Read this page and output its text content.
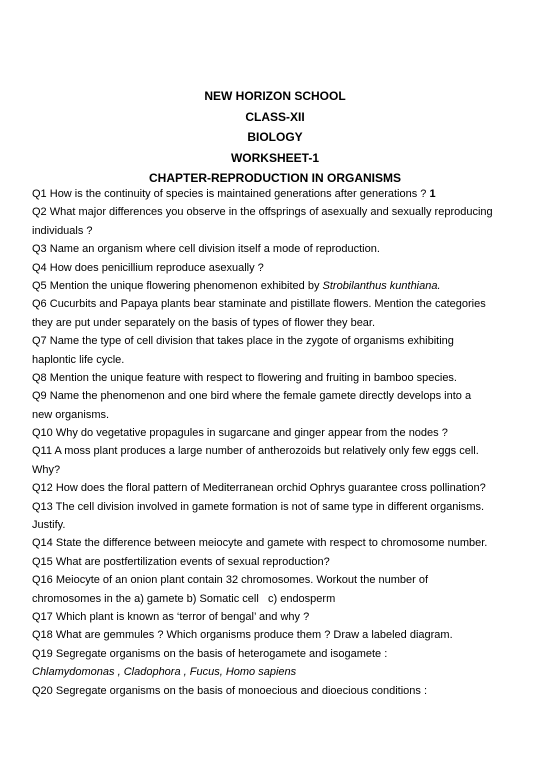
NEW HORIZON SCHOOL
CLASS-XII
BIOLOGY
WORKSHEET-1
CHAPTER-REPRODUCTION IN ORGANISMS
Q1 How is the continuity of species is maintained generations after generations ? 1
Q2 What major differences you observe in the offsprings of asexually and sexually reproducing
individuals ?
Q3 Name an organism where cell division itself a mode of reproduction.
Q4 How does penicillium reproduce asexually ?
Q5 Mention the unique flowering phenomenon exhibited by Strobilanthus kunthiana.
Q6 Cucurbits and Papaya plants bear staminate and pistillate flowers. Mention the categories
they are put under separately on the basis of types of flower they bear.
Q7 Name the type of cell division that takes place in the zygote of organisms exhibiting
haplontic life cycle.
Q8 Mention the unique feature with respect to flowering and fruiting in bamboo species.
Q9 Name the phenomenon and one bird where the female gamete directly develops into a
new organisms.
Q10 Why do vegetative propagules in sugarcane and ginger appear from the nodes ?
Q11 A moss plant produces a large number of antherozoids but relatively only few eggs cell.
Why?
Q12 How does the floral pattern of Mediterranean orchid Ophrys guarantee cross pollination?
Q13 The cell division involved in gamete formation is not of same type in different organisms.
Justify.
Q14 State the difference between meiocyte and gamete with respect to chromosome number.
Q15 What are postfertilization events of sexual reproduction?
Q16 Meiocyte of an onion plant contain 32 chromosomes. Workout the number of
chromosomes in the a) gamete b) Somatic cell   c) endosperm
Q17 Which plant is known as ‘terror of bengal’ and why ?
Q18 What are gemmules ? Which organisms produce them ? Draw a labeled diagram.
Q19 Segregate organisms on the basis of heterogamete and isogamete :
Chlamydomonas , Cladophora , Fucus, Homo sapiens
Q20 Segregate organisms on the basis of monoecious and dioecious conditions :
